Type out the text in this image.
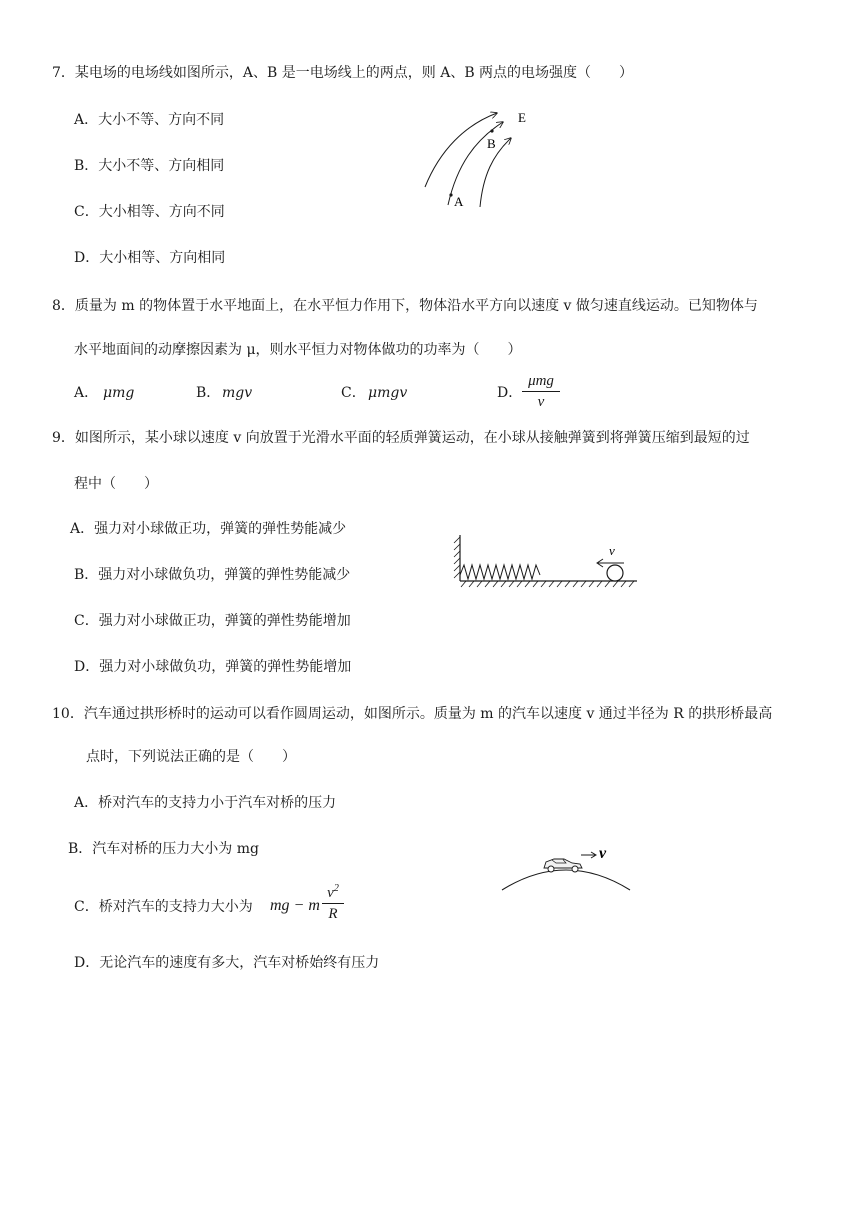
7．某电场的电场线如图所示，A、B 是一电场线上的两点，则 A、B 两点的电场强度（　　）
A．大小不等、方向不同
B．大小不等、方向相同
C．大小相等、方向不同
D．大小相等、方向相同
E
B
A
8．质量为 m 的物体置于水平地面上，在水平恒力作用下，物体沿水平方向以速度 v 做匀速直线运动。已知物体与
水平地面间的动摩擦因素为 μ，则水平恒力对物体做功的功率为（　　）
A． μmg	B． mgv	C． μmgv	D．
μmg
v
9．如图所示，某小球以速度 v 向放置于光滑水平面的轻质弹簧运动，在小球从接触弹簧到将弹簧压缩到最短的过
程中（　　）
A．强力对小球做正功，弹簧的弹性势能减少
B．强力对小球做负功，弹簧的弹性势能减少
C．强力对小球做正功，弹簧的弹性势能增加
D．强力对小球做负功，弹簧的弹性势能增加
v
10．汽车通过拱形桥时的运动可以看作圆周运动，如图所示。质量为 m 的汽车以速度 v 通过半径为 R 的拱形桥最高
点时，下列说法正确的是（　　）
A．桥对汽车的支持力小于汽车对桥的压力
B．汽车对桥的压力大小为 mg
C．桥对汽车的支持力大小为 mg − m
$v^2$
R
D．无论汽车的速度有多大，汽车对桥始终有压力
v
